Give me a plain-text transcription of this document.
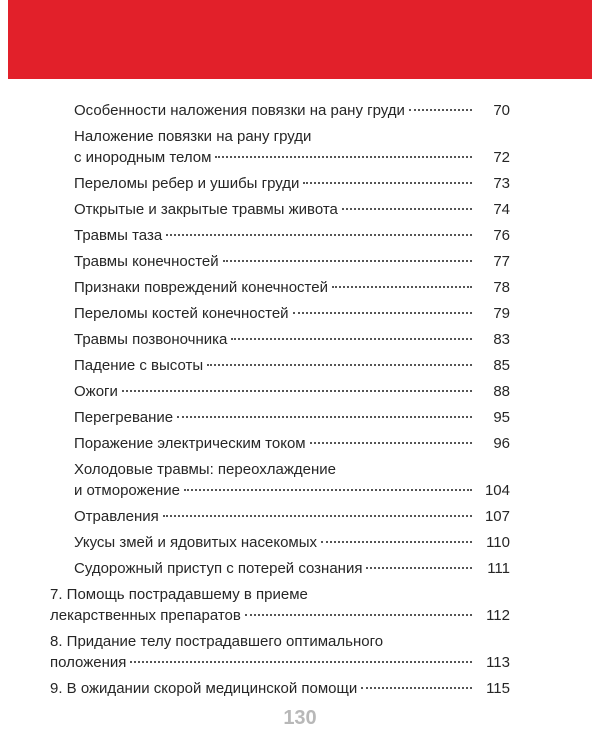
Особенности наложения повязки на рану груди	70
Наложение повязки на рану груди
с инородным телом	72
Переломы ребер и ушибы груди	73
Открытые и закрытые травмы живота	74
Травмы таза	76
Травмы конечностей	77
Признаки повреждений конечностей	78
Переломы костей конечностей	79
Травмы позвоночника	83
Падение с высоты	85
Ожоги	88
Перегревание	95
Поражение электрическим током	96
Холодовые травмы: переохлаждение
и отморожение	104
Отравления	107
Укусы змей и ядовитых насекомых	110
Судорожный приступ с потерей сознания	111
7. Помощь пострадавшему в приеме
лекарственных препаратов	112
8. Придание телу пострадавшего оптимального
положения	113
9. В ожидании скорой медицинской помощи	115
130
